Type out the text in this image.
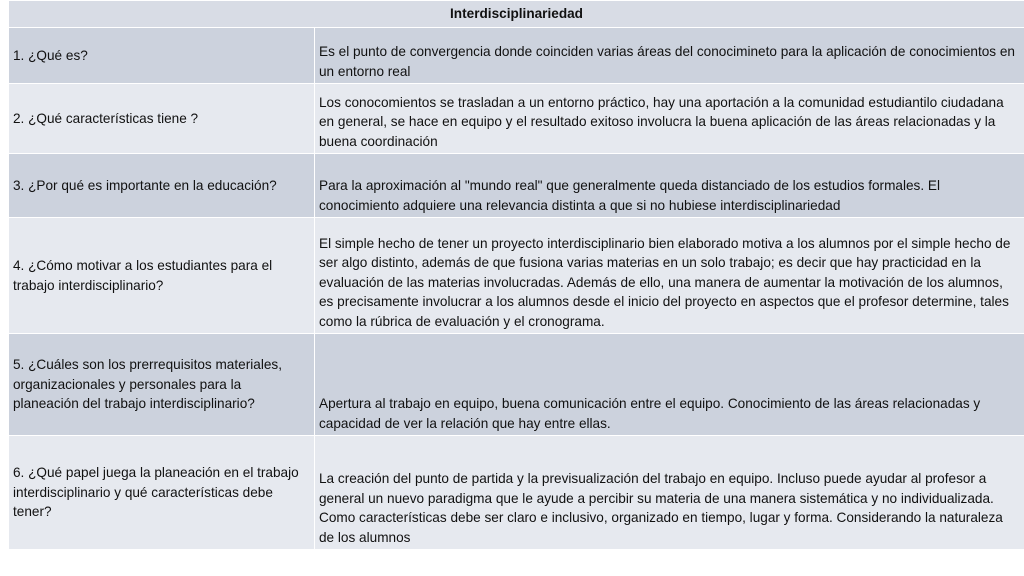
Interdisciplinariedad	
1. ¿Qué es?	Es el punto de convergencia donde coinciden varias áreas del conocimineto para la aplicación de conocimientos en un entorno real
2. ¿Qué características tiene ?	Los conocomientos se trasladan a un entorno práctico, hay una aportación a la comunidad estudiantilo ciudadana en general, se hace en equipo y el resultado exitoso involucra la buena aplicación de las áreas relacionadas y la buena coordinación
3. ¿Por qué es importante en la educación?	Para la aproximación al "mundo real" que generalmente queda distanciado de los estudios formales. El conocimiento adquiere una relevancia distinta a que si no hubiese interdisciplinariedad
4. ¿Cómo motivar a los estudiantes para el trabajo interdisciplinario?	El simple hecho de tener un proyecto interdisciplinario bien elaborado motiva a los alumnos por el simple hecho de ser algo distinto, además de que fusiona varias materias en un solo trabajo; es decir que hay practicidad en la evaluación de las materias involucradas. Además de ello, una manera de aumentar la motivación de los alumnos, es precisamente involucrar a los alumnos desde el inicio del proyecto en aspectos que el profesor determine, tales como la rúbrica de evaluación y el cronograma.
5. ¿Cuáles son los prerrequisitos materiales, organizacionales y personales para la planeación del trabajo interdisciplinario?	Apertura al trabajo en equipo, buena comunicación entre el equipo. Conocimiento de las áreas relacionadas y capacidad de ver la relación que hay entre ellas.
6. ¿Qué papel juega la planeación en el trabajo interdisciplinario y qué características debe tener?	La creación del punto de partida y la previsualización del trabajo en equipo. Incluso puede ayudar al profesor a general un nuevo paradigma que le ayude a percibir su materia de una manera sistemática y no individualizada. Como características debe ser claro e inclusivo, organizado en tiempo, lugar y forma. Considerando la naturaleza de los alumnos
